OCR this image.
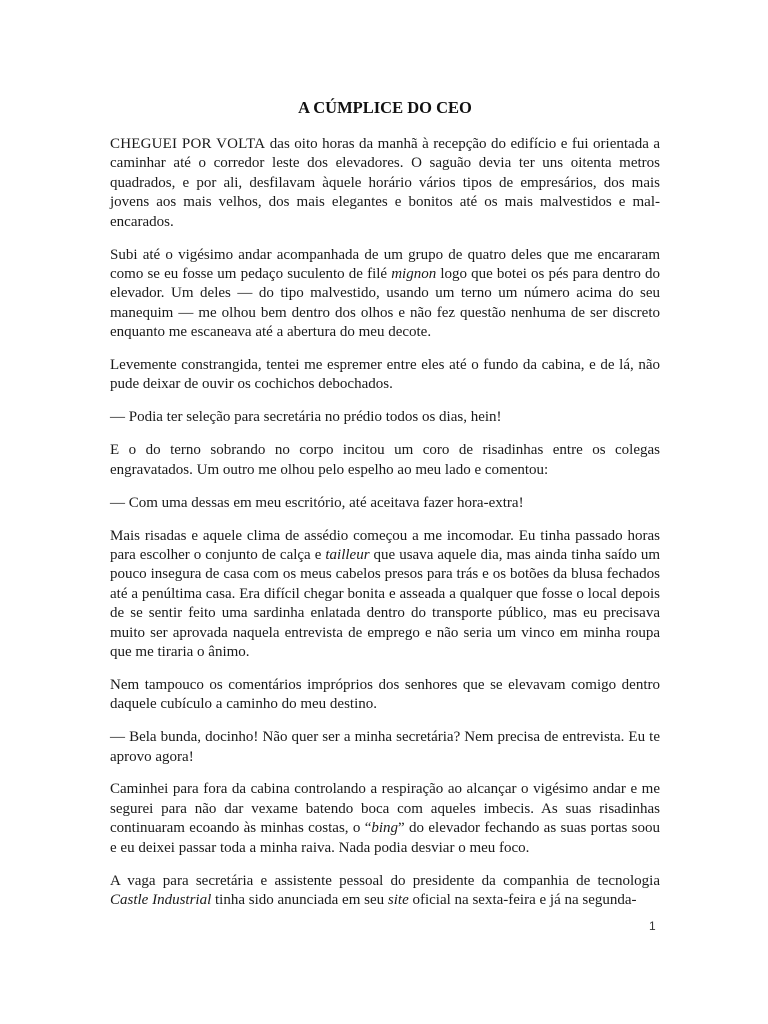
A CÚMPLICE DO CEO

CHEGUEI POR VOLTA das oito horas da manhã à recepção do edifício e fui orientada a caminhar até o corredor leste dos elevadores. O saguão devia ter uns oitenta metros quadrados, e por ali, desfilavam àquele horário vários tipos de empresários, dos mais jovens aos mais velhos, dos mais elegantes e bonitos até os mais malvestidos e mal-encarados.

Subi até o vigésimo andar acompanhada de um grupo de quatro deles que me encararam como se eu fosse um pedaço suculento de filé mignon logo que botei os pés para dentro do elevador. Um deles — do tipo malvestido, usando um terno um número acima do seu manequim — me olhou bem dentro dos olhos e não fez questão nenhuma de ser discreto enquanto me escaneava até a abertura do meu decote.

Levemente constrangida, tentei me espremer entre eles até o fundo da cabina, e de lá, não pude deixar de ouvir os cochichos debochados.

— Podia ter seleção para secretária no prédio todos os dias, hein!

E o do terno sobrando no corpo incitou um coro de risadinhas entre os colegas engravatados. Um outro me olhou pelo espelho ao meu lado e comentou:

— Com uma dessas em meu escritório, até aceitava fazer hora-extra!

Mais risadas e aquele clima de assédio começou a me incomodar. Eu tinha passado horas para escolher o conjunto de calça e tailleur que usava aquele dia, mas ainda tinha saído um pouco insegura de casa com os meus cabelos presos para trás e os botões da blusa fechados até a penúltima casa. Era difícil chegar bonita e asseada a qualquer que fosse o local depois de se sentir feito uma sardinha enlatada dentro do transporte público, mas eu precisava muito ser aprovada naquela entrevista de emprego e não seria um vinco em minha roupa que me tiraria o ânimo.

Nem tampouco os comentários impróprios dos senhores que se elevavam comigo dentro daquele cubículo a caminho do meu destino.

— Bela bunda, docinho! Não quer ser a minha secretária? Nem precisa de entrevista. Eu te aprovo agora!

Caminhei para fora da cabina controlando a respiração ao alcançar o vigésimo andar e me segurei para não dar vexame batendo boca com aqueles imbecis. As suas risadinhas continuaram ecoando às minhas costas, o “bing” do elevador fechando as suas portas soou e eu deixei passar toda a minha raiva. Nada podia desviar o meu foco.

A vaga para secretária e assistente pessoal do presidente da companhia de tecnologia Castle Industrial tinha sido anunciada em seu site oficial na sexta-feira e já na segunda-

1
